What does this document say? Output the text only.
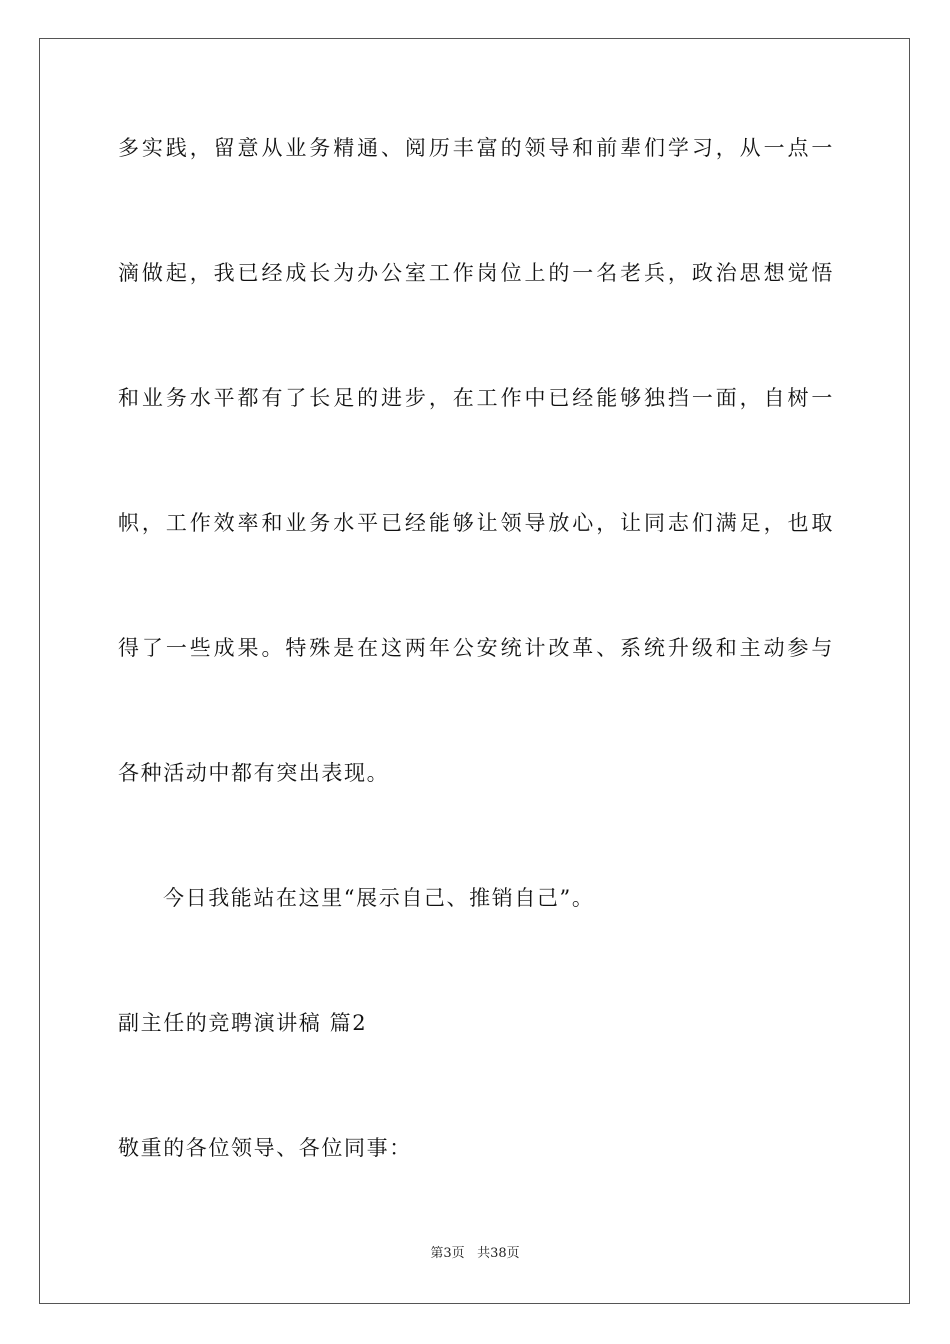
多实践，留意从业务精通、阅历丰富的领导和前辈们学习，从一点一
滴做起，我已经成长为办公室工作岗位上的一名老兵，政治思想觉悟
和业务水平都有了长足的进步，在工作中已经能够独挡一面，自树一
帜，工作效率和业务水平已经能够让领导放心，让同志们满足，也取
得了一些成果。特殊是在这两年公安统计改革、系统升级和主动参与
各种活动中都有突出表现。
今日我能站在这里“展示自己、推销自己”。
副主任的竞聘演讲稿 篇2
敬重的各位领导、各位同事：
第3页 共38页
